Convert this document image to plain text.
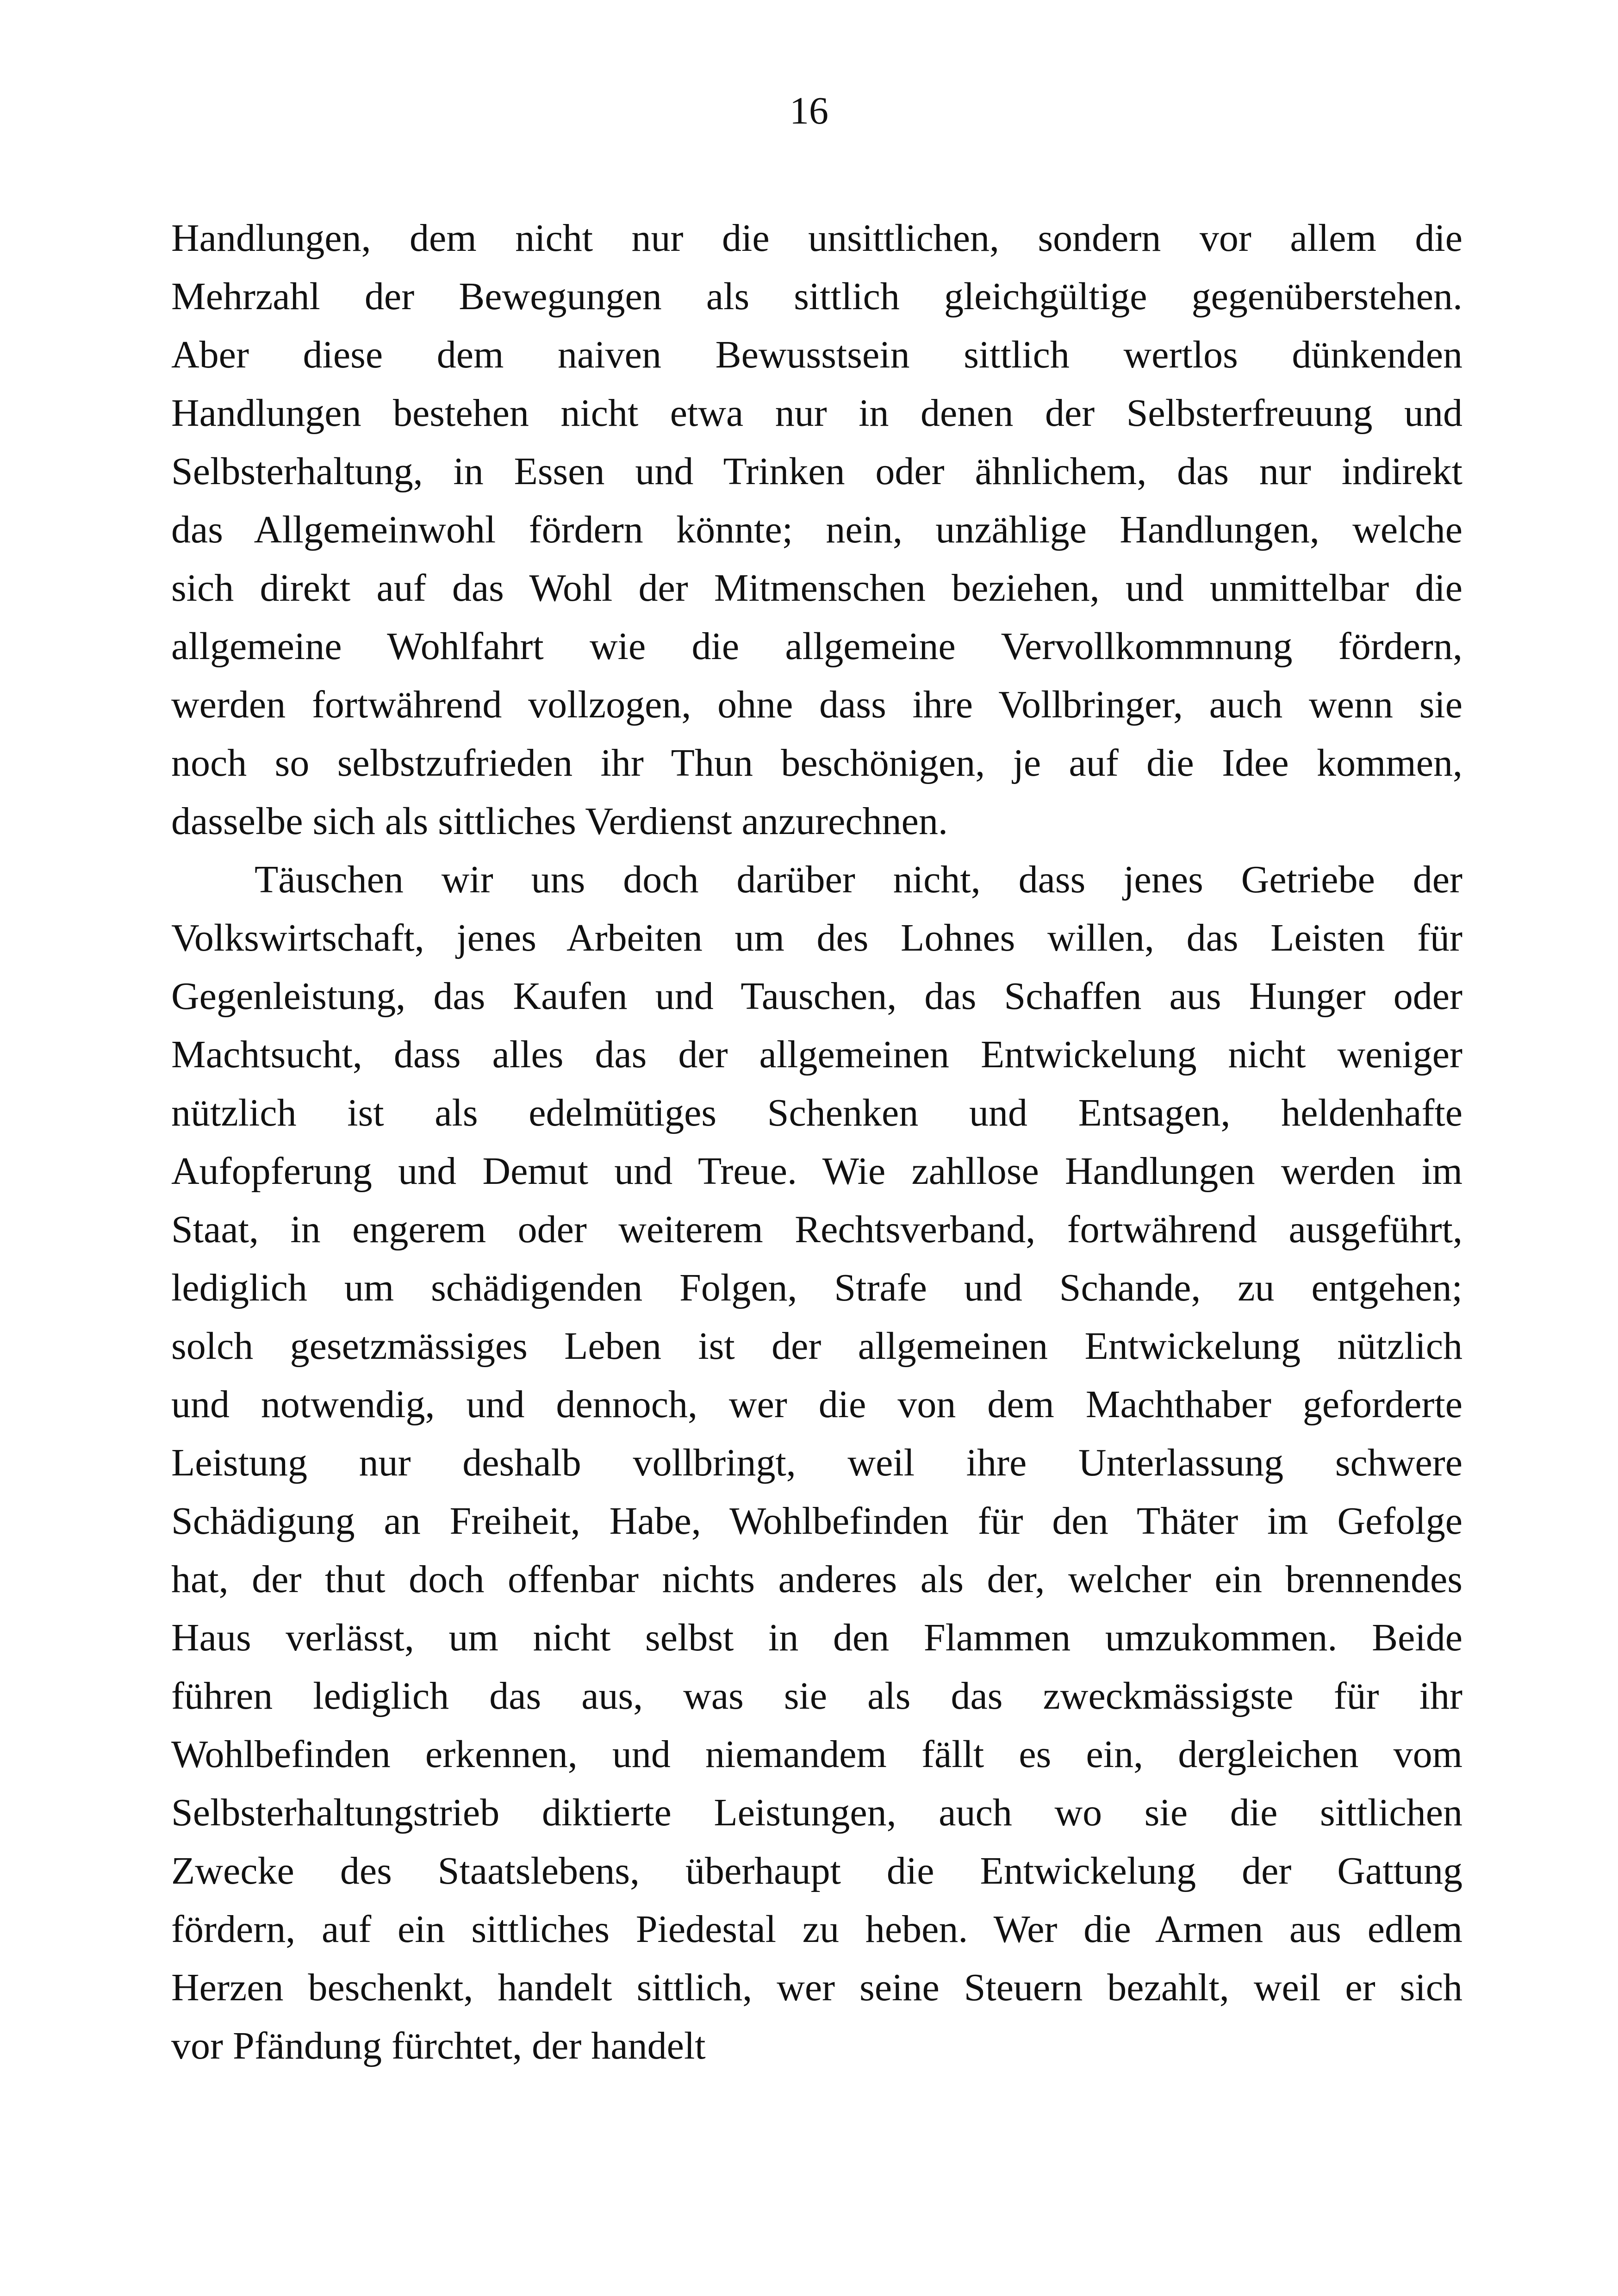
16
Handlungen, dem nicht nur die unsittlichen, sondern vor allem die
Mehrzahl der Bewegungen als sittlich gleichgültige gegenüberstehen.
Aber diese dem naiven Bewusstsein sittlich wertlos dünkenden
Handlungen bestehen nicht etwa nur in denen der Selbsterfreuung und
Selbsterhaltung, in Essen und Trinken oder ähnlichem, das nur indirekt
das Allgemeinwohl fördern könnte; nein, unzählige Handlungen, welche
sich direkt auf das Wohl der Mitmenschen beziehen, und unmittelbar die
allgemeine Wohlfahrt wie die allgemeine Vervollkommnung fördern,
werden fortwährend vollzogen, ohne dass ihre Vollbringer, auch wenn sie
noch so selbstzufrieden ihr Thun beschönigen, je auf die Idee kommen,
dasselbe sich als sittliches Verdienst anzurechnen.
Täuschen wir uns doch darüber nicht, dass jenes Getriebe der
Volkswirtschaft, jenes Arbeiten um des Lohnes willen, das Leisten für
Gegenleistung, das Kaufen und Tauschen, das Schaffen aus Hunger oder
Machtsucht, dass alles das der allgemeinen Entwickelung nicht weniger
nützlich ist als edelmütiges Schenken und Entsagen, heldenhafte
Aufopferung und Demut und Treue. Wie zahllose Handlungen werden im
Staat, in engerem oder weiterem Rechtsverband, fortwährend ausgeführt,
lediglich um schädigenden Folgen, Strafe und Schande, zu entgehen;
solch gesetzmässiges Leben ist der allgemeinen Entwickelung nützlich
und notwendig, und dennoch, wer die von dem Machthaber geforderte
Leistung nur deshalb vollbringt, weil ihre Unterlassung schwere
Schädigung an Freiheit, Habe, Wohlbefinden für den Thäter im Gefolge
hat, der thut doch offenbar nichts anderes als der, welcher ein brennendes
Haus verlässt, um nicht selbst in den Flammen umzukommen. Beide
führen lediglich das aus, was sie als das zweckmässigste für ihr
Wohlbefinden erkennen, und niemandem fällt es ein, dergleichen vom
Selbsterhaltungstrieb diktierte Leistungen, auch wo sie die sittlichen
Zwecke des Staatslebens, überhaupt die Entwickelung der Gattung
fördern, auf ein sittliches Piedestal zu heben. Wer die Armen aus edlem
Herzen beschenkt, handelt sittlich, wer seine Steuern bezahlt, weil er sich
vor Pfändung fürchtet, der handelt
